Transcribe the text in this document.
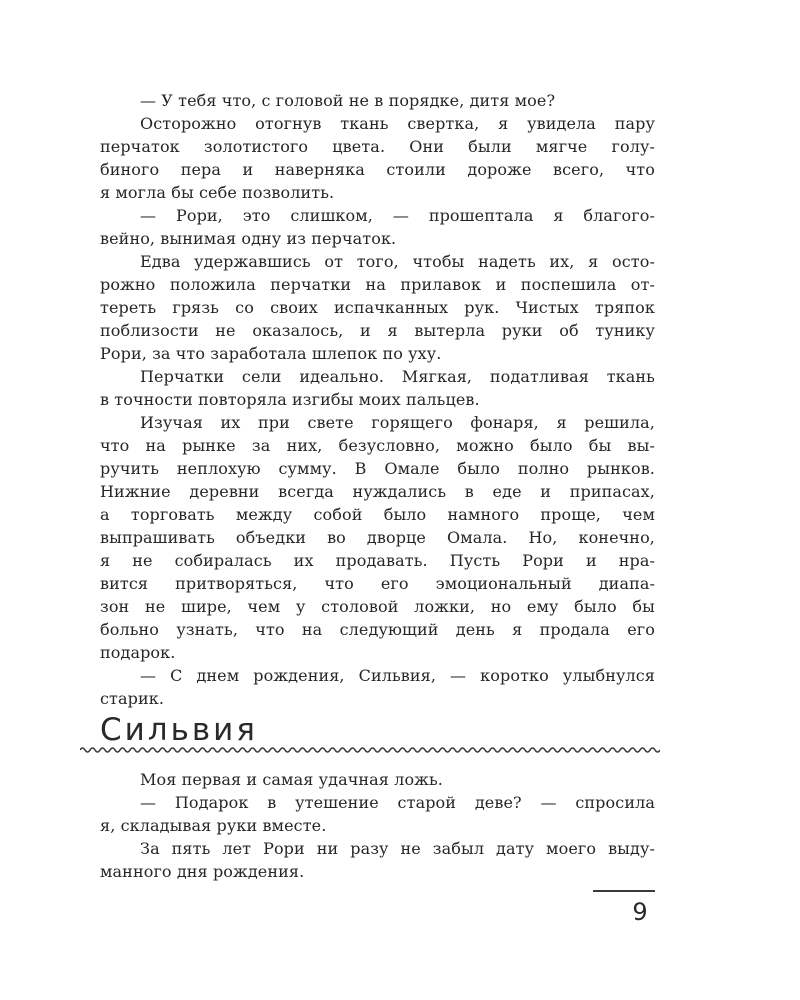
— У тебя что, с головой не в порядке, дитя мое?
Осторожно отогнув ткань свертка, я увидела пару
перчаток золотистого цвета. Они были мягче голу-
биного пера и наверняка стоили дороже всего, что
я могла бы себе позволить.
— Рори, это слишком, — прошептала я благого-
вейно, вынимая одну из перчаток.
Едва удержавшись от того, чтобы надеть их, я осто-
рожно положила перчатки на прилавок и поспешила от-
тереть грязь со своих испачканных рук. Чистых тряпок
поблизости не оказалось, и я вытерла руки об тунику
Рори, за что заработала шлепок по уху.
Перчатки сели идеально. Мягкая, податливая ткань
в точности повторяла изгибы моих пальцев.
Изучая их при свете горящего фонаря, я решила,
что на рынке за них, безусловно, можно было бы вы-
ручить неплохую сумму. В Омале было полно рынков.
Нижние деревни всегда нуждались в еде и припасах,
а торговать между собой было намного проще, чем
выпрашивать объедки во дворце Омала. Но, конечно,
я не собиралась их продавать. Пусть Рори и нра-
вится притворяться, что его эмоциональный диапа-
зон не шире, чем у столовой ложки, но ему было бы
больно узнать, что на следующий день я продала его
подарок.
— С днем рождения, Сильвия, — коротко улыбнулся
старик.
Сильвия
Моя первая и самая удачная ложь.
— Подарок в утешение старой деве? — спросила
я, складывая руки вместе.
За пять лет Рори ни разу не забыл дату моего выду-
манного дня рождения.
9
